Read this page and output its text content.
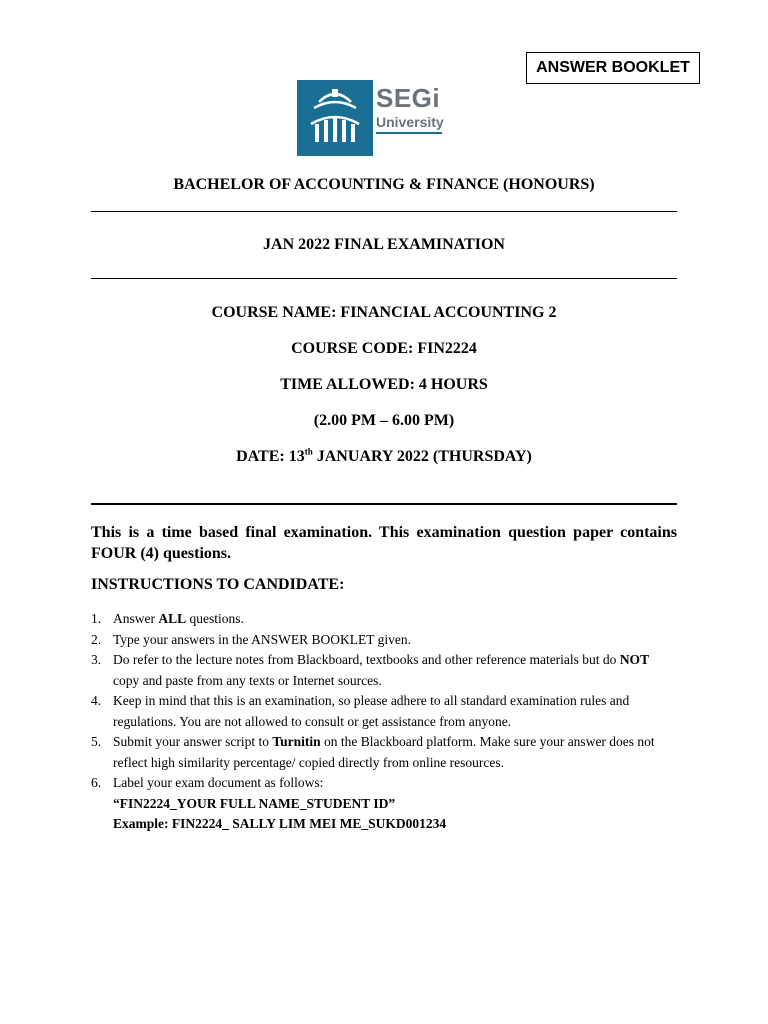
ANSWER BOOKLET
SEGi
University
BACHELOR OF ACCOUNTING & FINANCE (HONOURS)
JAN 2022 FINAL EXAMINATION
COURSE NAME: FINANCIAL ACCOUNTING 2
COURSE CODE: FIN2224
TIME ALLOWED: 4 HOURS
(2.00 PM – 6.00 PM)
DATE: 13th JANUARY 2022 (THURSDAY)
This is a time based final examination. This examination question paper contains FOUR (4) questions.
INSTRUCTIONS TO CANDIDATE:
1. Answer ALL questions.
2. Type your answers in the ANSWER BOOKLET given.
3. Do refer to the lecture notes from Blackboard, textbooks and other reference materials but do NOT copy and paste from any texts or Internet sources.
4. Keep in mind that this is an examination, so please adhere to all standard examination rules and regulations. You are not allowed to consult or get assistance from anyone.
5. Submit your answer script to Turnitin on the Blackboard platform. Make sure your answer does not reflect high similarity percentage/ copied directly from online resources.
6. Label your exam document as follows:
“FIN2224_YOUR FULL NAME_STUDENT ID”
Example: FIN2224_ SALLY LIM MEI ME_SUKD001234
